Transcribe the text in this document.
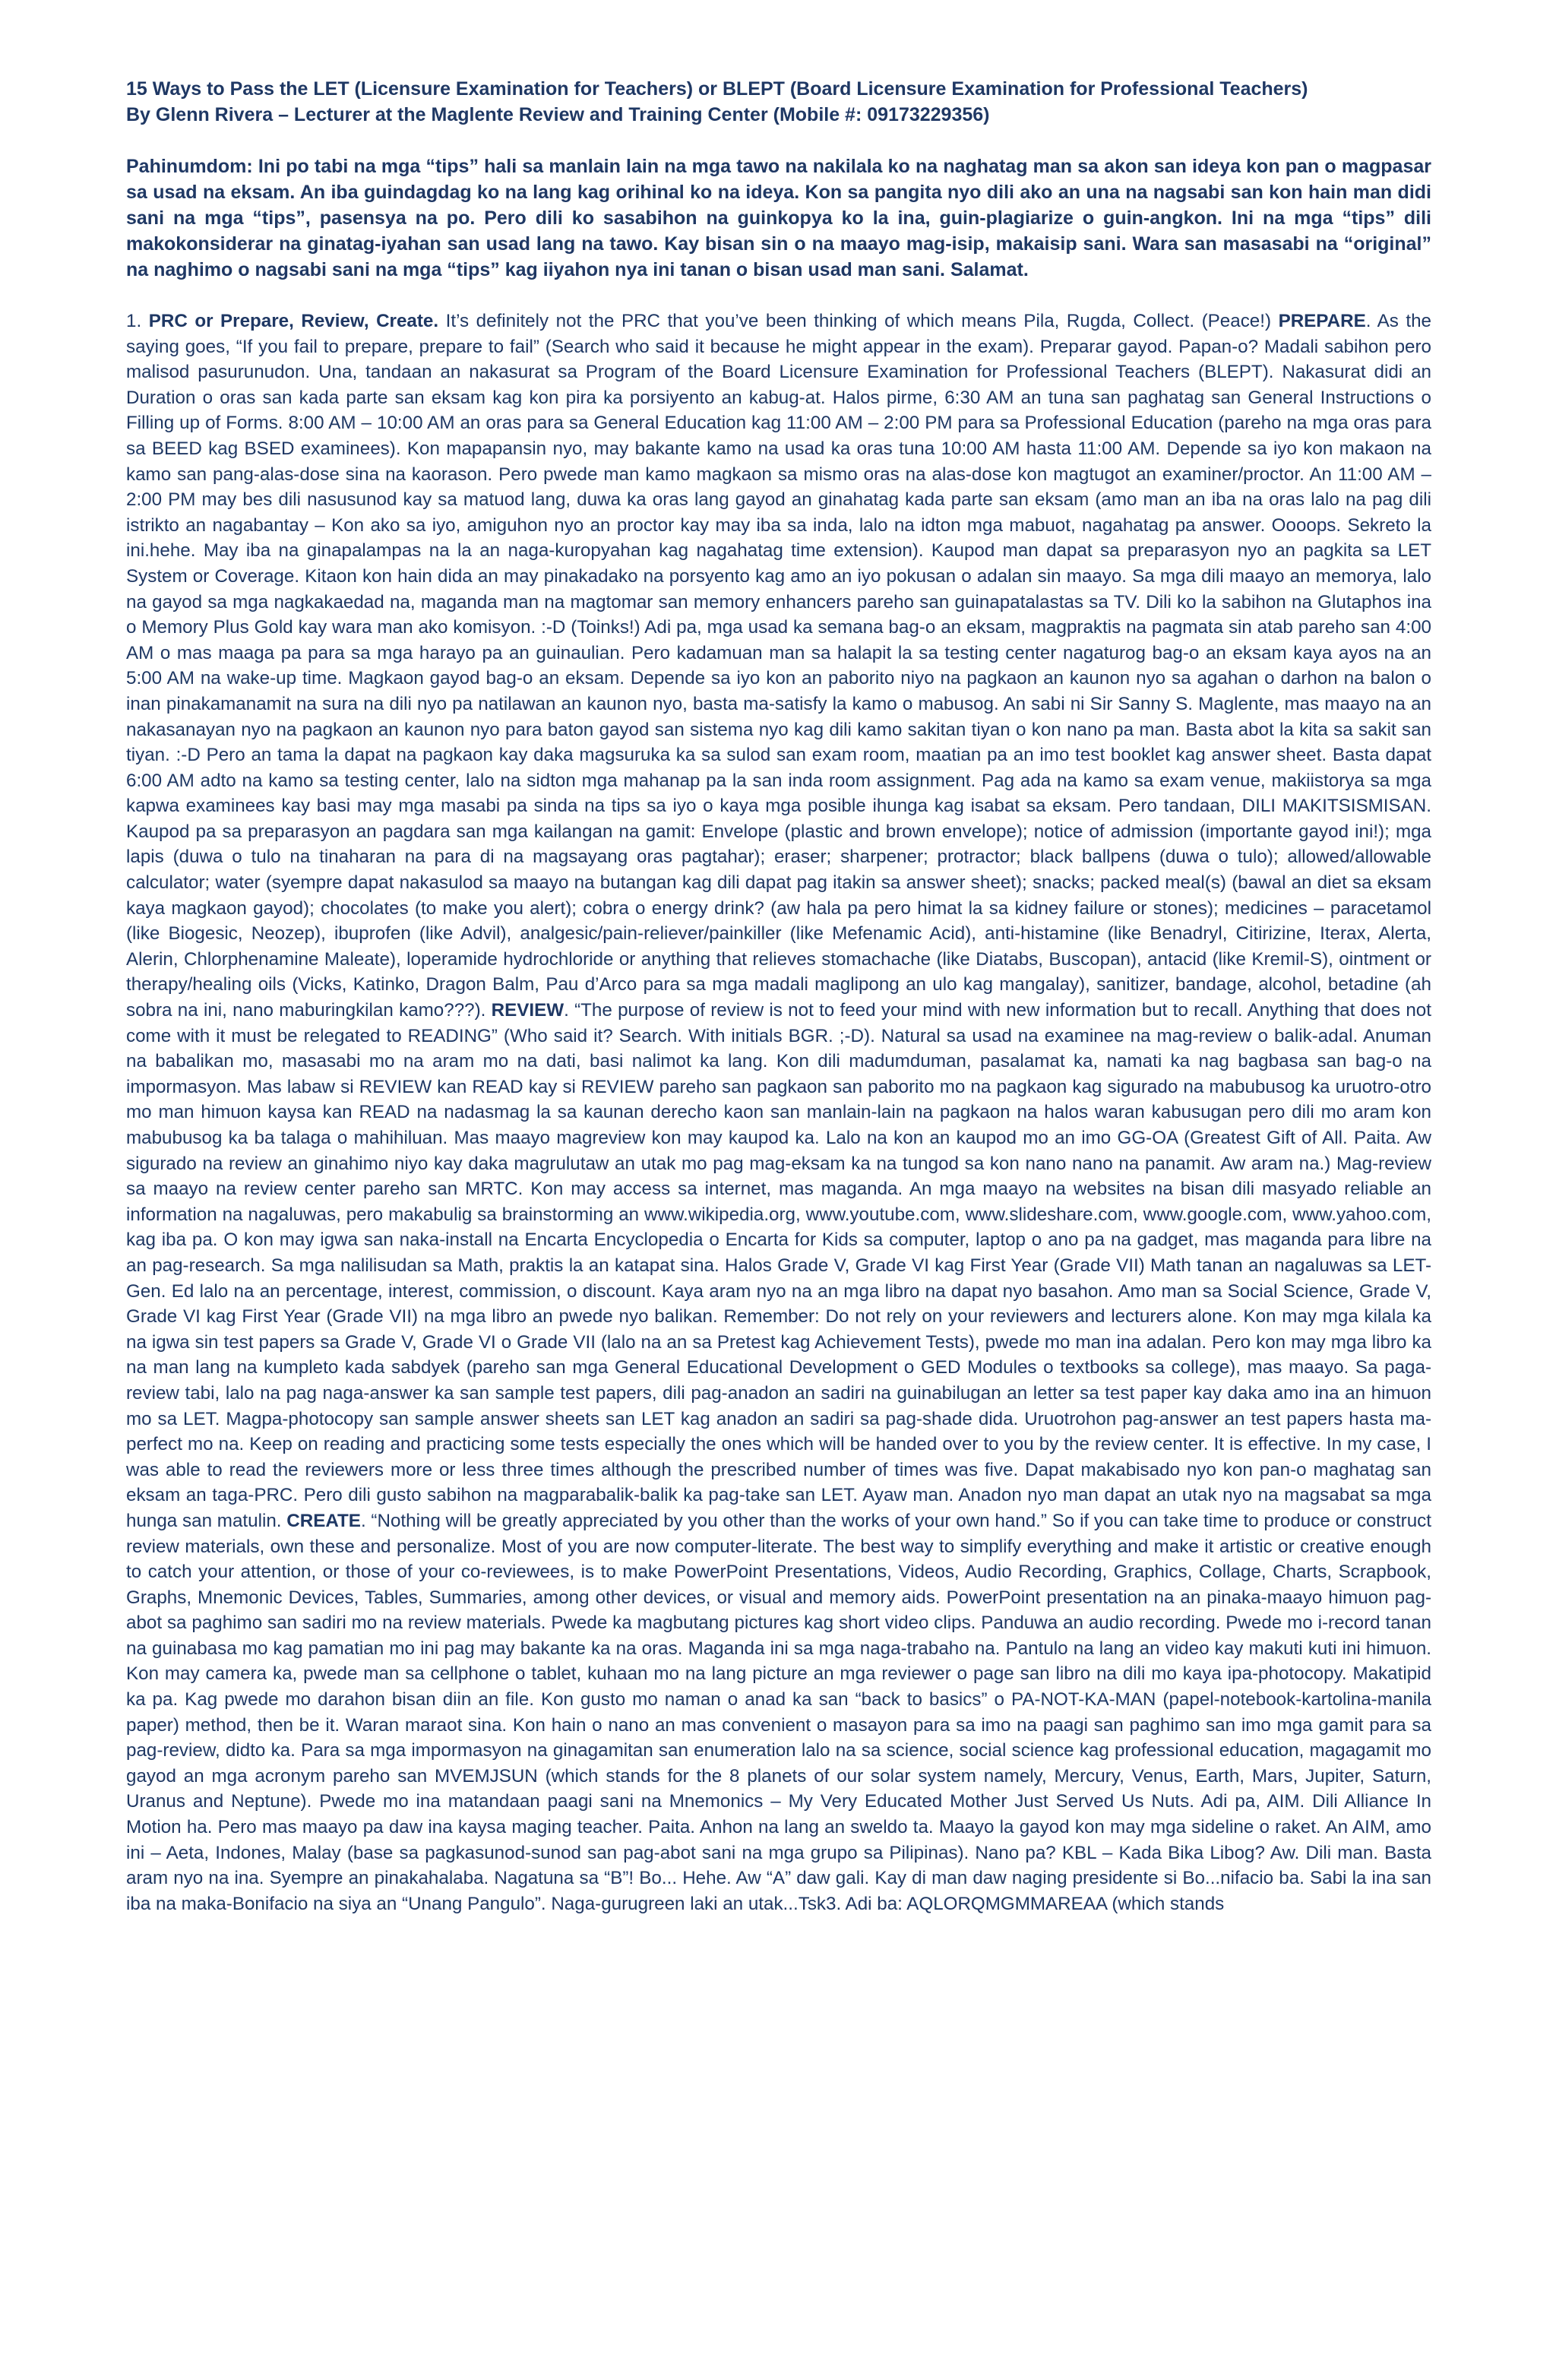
15 Ways to Pass the LET (Licensure Examination for Teachers) or BLEPT (Board Licensure Examination for Professional Teachers)
By Glenn Rivera – Lecturer at the Maglente Review and Training Center (Mobile #: 09173229356)

Pahinumdom: Ini po tabi na mga “tips” hali sa manlain lain na mga tawo na nakilala ko na naghatag man sa akon san ideya kon pan o magpasar sa usad na eksam. An iba guindagdag ko na lang kag orihinal ko na ideya. Kon sa pangita nyo dili ako an una na nagsabi san kon hain man didi sani na mga “tips”, pasensya na po. Pero dili ko sasabihon na guinkopya ko la ina, guin-plagiarize o guin-angkon. Ini na mga “tips” dili makokonsiderar na ginatag-iyahan san usad lang na tawo. Kay bisan sin o na maayo mag-isip, makaisip sani. Wara san masasabi na “original” na naghimo o nagsabi sani na mga “tips” kag iiyahon nya ini tanan o bisan usad man sani. Salamat.

1. PRC or Prepare, Review, Create. It’s definitely not the PRC that you’ve been thinking of which means Pila, Rugda, Collect. (Peace!) PREPARE. As the saying goes, “If you fail to prepare, prepare to fail” (Search who said it because he might appear in the exam). Preparar gayod. Papan-o? Madali sabihon pero malisod pasurunudon. Una, tandaan an nakasurat sa Program of the Board Licensure Examination for Professional Teachers (BLEPT). Nakasurat didi an Duration o oras san kada parte san eksam kag kon pira ka porsiyento an kabug-at. Halos pirme, 6:30 AM an tuna san paghatag san General Instructions o Filling up of Forms. 8:00 AM – 10:00 AM an oras para sa General Education kag 11:00 AM – 2:00 PM para sa Professional Education (pareho na mga oras para sa BEED kag BSED examinees). Kon mapapansin nyo, may bakante kamo na usad ka oras tuna 10:00 AM hasta 11:00 AM. Depende sa iyo kon makaon na kamo san pang-alas-dose sina na kaorason. Pero pwede man kamo magkaon sa mismo oras na alas-dose kon magtugot an examiner/proctor. An 11:00 AM – 2:00 PM may bes dili nasusunod kay sa matuod lang, duwa ka oras lang gayod an ginahatag kada parte san eksam (amo man an iba na oras lalo na pag dili istrikto an nagabantay – Kon ako sa iyo, amiguhon nyo an proctor kay may iba sa inda, lalo na idton mga mabuot, nagahatag pa answer. Oooops. Sekreto la ini.hehe. May iba na ginapalampas na la an naga-kuropyahan kag nagahatag time extension). Kaupod man dapat sa preparasyon nyo an pagkita sa LET System or Coverage. Kitaon kon hain dida an may pinakadako na porsyento kag amo an iyo pokusan o adalan sin maayo. Sa mga dili maayo an memorya, lalo na gayod sa mga nagkakaedad na, maganda man na magtomar san memory enhancers pareho san guinapatalastas sa TV. Dili ko la sabihon na Glutaphos ina o Memory Plus Gold kay wara man ako komisyon. :-D (Toinks!) Adi pa, mga usad ka semana bag-o an eksam, magpraktis na pagmata sin atab pareho san 4:00 AM o mas maaga pa para sa mga harayo pa an guinaulian. Pero kadamuan man sa halapit la sa testing center nagaturog bag-o an eksam kaya ayos na an 5:00 AM na wake-up time. Magkaon gayod bag-o an eksam. Depende sa iyo kon an paborito niyo na pagkaon an kaunon nyo sa agahan o darhon na balon o inan pinakamanamit na sura na dili nyo pa natilawan an kaunon nyo, basta ma-satisfy la kamo o mabusog. An sabi ni Sir Sanny S. Maglente, mas maayo na an nakasanayan nyo na pagkaon an kaunon nyo para baton gayod san sistema nyo kag dili kamo sakitan tiyan o kon nano pa man. Basta abot la kita sa sakit san tiyan. :-D Pero an tama la dapat na pagkaon kay daka magsuruka ka sa sulod san exam room, maatian pa an imo test booklet kag answer sheet. Basta dapat 6:00 AM adto na kamo sa testing center, lalo na sidton mga mahanap pa la san inda room assignment. Pag ada na kamo sa exam venue, makiistorya sa mga kapwa examinees kay basi may mga masabi pa sinda na tips sa iyo o kaya mga posible ihunga kag isabat sa eksam. Pero tandaan, DILI MAKITSISMISAN. Kaupod pa sa preparasyon an pagdara san mga kailangan na gamit: Envelope (plastic and brown envelope); notice of admission (importante gayod ini!); mga lapis (duwa o tulo na tinaharan na para di na magsayang oras pagtahar); eraser; sharpener; protractor; black ballpens (duwa o tulo); allowed/allowable calculator; water (syempre dapat nakasulod sa maayo na butangan kag dili dapat pag itakin sa answer sheet); snacks; packed meal(s) (bawal an diet sa eksam kaya magkaon gayod); chocolates (to make you alert); cobra o energy drink? (aw hala pa pero himat la sa kidney failure or stones); medicines – paracetamol (like Biogesic, Neozep), ibuprofen (like Advil), analgesic/pain-reliever/painkiller (like Mefenamic Acid), anti-histamine (like Benadryl, Citirizine, Iterax, Alerta, Alerin, Chlorphenamine Maleate), loperamide hydrochloride or anything that relieves stomachache (like Diatabs, Buscopan), antacid (like Kremil-S), ointment or therapy/healing oils (Vicks, Katinko, Dragon Balm, Pau d’Arco para sa mga madali maglipong an ulo kag mangalay), sanitizer, bandage, alcohol, betadine (ah sobra na ini, nano maburingkilan kamo???). REVIEW. “The purpose of review is not to feed your mind with new information but to recall. Anything that does not come with it must be relegated to READING” (Who said it? Search. With initials BGR. ;-D). Natural sa usad na examinee na mag-review o balik-adal. Anuman na babalikan mo, masasabi mo na aram mo na dati, basi nalimot ka lang. Kon dili madumduman, pasalamat ka, namati ka nag bagbasa san bag-o na impormasyon. Mas labaw si REVIEW kan READ kay si REVIEW pareho san pagkaon san paborito mo na pagkaon kag sigurado na mabubusog ka uruotro-otro mo man himuon kaysa kan READ na nadasmag la sa kaunan derecho kaon san manlain-lain na pagkaon na halos waran kabusugan pero dili mo aram kon mabubusog ka ba talaga o mahihiluan. Mas maayo magreview kon may kaupod ka. Lalo na kon an kaupod mo an imo GG-OA (Greatest Gift of All. Paita. Aw sigurado na review an ginahimo niyo kay daka magrulutaw an utak mo pag mag-eksam ka na tungod sa kon nano nano na panamit. Aw aram na.) Mag-review sa maayo na review center pareho san MRTC. Kon may access sa internet, mas maganda. An mga maayo na websites na bisan dili masyado reliable an information na nagaluwas, pero makabulig sa brainstorming an www.wikipedia.org, www.youtube.com, www.slideshare.com, www.google.com, www.yahoo.com, kag iba pa. O kon may igwa san naka-install na Encarta Encyclopedia o Encarta for Kids sa computer, laptop o ano pa na gadget, mas maganda para libre na an pag-research. Sa mga nalilisudan sa Math, praktis la an katapat sina. Halos Grade V, Grade VI kag First Year (Grade VII) Math tanan an nagaluwas sa LET-Gen. Ed lalo na an percentage, interest, commission, o discount. Kaya aram nyo na an mga libro na dapat nyo basahon. Amo man sa Social Science, Grade V, Grade VI kag First Year (Grade VII) na mga libro an pwede nyo balikan. Remember: Do not rely on your reviewers and lecturers alone. Kon may mga kilala ka na igwa sin test papers sa Grade V, Grade VI o Grade VII (lalo na an sa Pretest kag Achievement Tests), pwede mo man ina adalan. Pero kon may mga libro ka na man lang na kumpleto kada sabdyek (pareho san mga General Educational Development o GED Modules o textbooks sa college), mas maayo. Sa paga-review tabi, lalo na pag naga-answer ka san sample test papers, dili pag-anadon an sadiri na guinabilugan an letter sa test paper kay daka amo ina an himuon mo sa LET. Magpa-photocopy san sample answer sheets san LET kag anadon an sadiri sa pag-shade dida. Uruotrohon pag-answer an test papers hasta ma-perfect mo na. Keep on reading and practicing some tests especially the ones which will be handed over to you by the review center. It is effective. In my case, I was able to read the reviewers more or less three times although the prescribed number of times was five. Dapat makabisado nyo kon pan-o maghatag san eksam an taga-PRC. Pero dili gusto sabihon na magparabalik-balik ka pag-take san LET. Ayaw man. Anadon nyo man dapat an utak nyo na magsabat sa mga hunga san matulin. CREATE. “Nothing will be greatly appreciated by you other than the works of your own hand.” So if you can take time to produce or construct review materials, own these and personalize. Most of you are now computer-literate. The best way to simplify everything and make it artistic or creative enough to catch your attention, or those of your co-reviewees, is to make PowerPoint Presentations, Videos, Audio Recording, Graphics, Collage, Charts, Scrapbook, Graphs, Mnemonic Devices, Tables, Summaries, among other devices, or visual and memory aids. PowerPoint presentation na an pinaka-maayo himuon pag-abot sa paghimo san sadiri mo na review materials. Pwede ka magbutang pictures kag short video clips. Panduwa an audio recording. Pwede mo i-record tanan na guinabasa mo kag pamatian mo ini pag may bakante ka na oras. Maganda ini sa mga naga-trabaho na. Pantulo na lang an video kay makuti kuti ini himuon. Kon may camera ka, pwede man sa cellphone o tablet, kuhaan mo na lang picture an mga reviewer o page san libro na dili mo kaya ipa-photocopy. Makatipid ka pa. Kag pwede mo darahon bisan diin an file. Kon gusto mo naman o anad ka san “back to basics” o PA-NOT-KA-MAN (papel-notebook-kartolina-manila paper) method, then be it. Waran maraot sina. Kon hain o nano an mas convenient o masayon para sa imo na paagi san paghimo san imo mga gamit para sa pag-review, didto ka. Para sa mga impormasyon na ginagamitan san enumeration lalo na sa science, social science kag professional education, magagamit mo gayod an mga acronym pareho san MVEMJSUN (which stands for the 8 planets of our solar system namely, Mercury, Venus, Earth, Mars, Jupiter, Saturn, Uranus and Neptune). Pwede mo ina matandaan paagi sani na Mnemonics – My Very Educated Mother Just Served Us Nuts. Adi pa, AIM. Dili Alliance In Motion ha. Pero mas maayo pa daw ina kaysa maging teacher. Paita. Anhon na lang an sweldo ta. Maayo la gayod kon may mga sideline o raket. An AIM, amo ini – Aeta, Indones, Malay (base sa pagkasunod-sunod san pag-abot sani na mga grupo sa Pilipinas). Nano pa? KBL – Kada Bika Libog? Aw. Dili man. Basta aram nyo na ina. Syempre an pinakahalaba. Nagatuna sa “B”! Bo... Hehe. Aw “A” daw gali. Kay di man daw naging presidente si Bo...nifacio ba. Sabi la ina san iba na maka-Bonifacio na siya an “Unang Pangulo”. Naga-gurugreen laki an utak...Tsk3. Adi ba: AQLORQMGMMAREAA (which stands
